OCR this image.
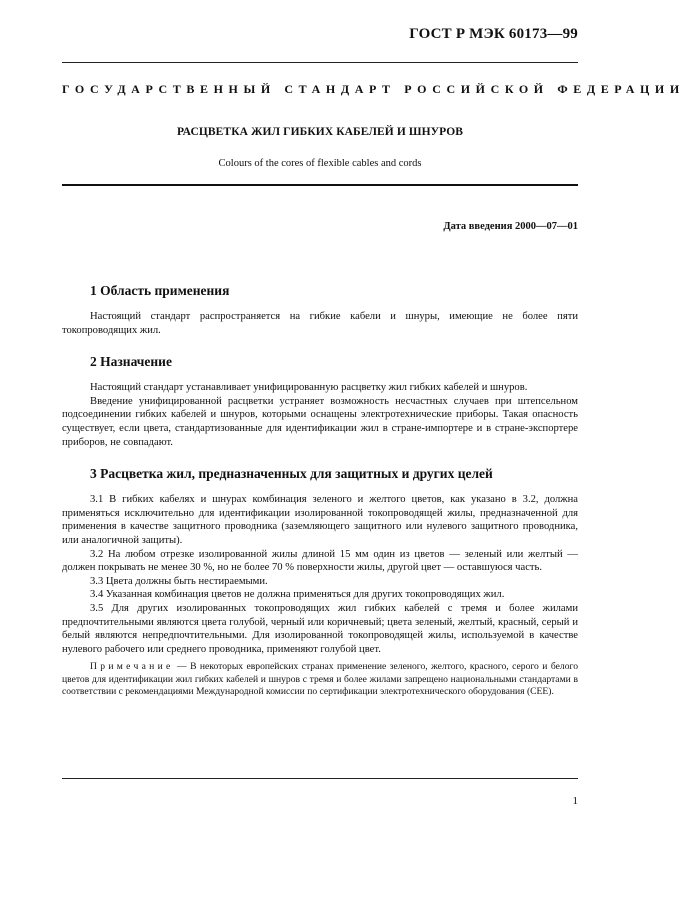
ГОСТ Р МЭК 60173—99
ГОСУДАРСТВЕННЫЙ СТАНДАРТ РОССИЙСКОЙ ФЕДЕРАЦИИ
РАСЦВЕТКА ЖИЛ ГИБКИХ КАБЕЛЕЙ И ШНУРОВ
Colours of the cores of flexible cables and cords
Дата введения 2000—07—01
1 Область применения

Настоящий стандарт распространяется на гибкие кабели и шнуры, имеющие не более пяти токопроводящих жил.

2 Назначение

Настоящий стандарт устанавливает унифицированную расцветку жил гибких кабелей и шнуров.

Введение унифицированной расцветки устраняет возможность несчастных случаев при штепсельном подсоединении гибких кабелей и шнуров, которыми оснащены электротехнические приборы. Такая опасность существует, если цвета, стандартизованные для идентификации жил в стране-импортере и в стране-экспортере приборов, не совпадают.

3 Расцветка жил, предназначенных для защитных и других целей

3.1 В гибких кабелях и шнурах комбинация зеленого и желтого цветов, как указано в 3.2, должна применяться исключительно для идентификации изолированной токопроводящей жилы, предназначенной для применения в качестве защитного проводника (заземляющего защитного или нулевого защитного проводника, или аналогичной защиты).

3.2 На любом отрезке изолированной жилы длиной 15 мм один из цветов — зеленый или желтый — должен покрывать не менее 30 %, но не более 70 % поверхности жилы, другой цвет — оставшуюся часть.

3.3 Цвета должны быть нестираемыми.

3.4 Указанная комбинация цветов не должна применяться для других токопроводящих жил.

3.5 Для других изолированных токопроводящих жил гибких кабелей с тремя и более жилами предпочтительными являются цвета голубой, черный или коричневый; цвета зеленый, желтый, красный, серый и белый являются непредпочтительными. Для изолированной токопроводящей жилы, используемой в качестве нулевого рабочего или среднего проводника, применяют голубой цвет.

Примечание — В некоторых европейских странах применение зеленого, желтого, красного, серого и белого цветов для идентификации жил гибких кабелей и шнуров с тремя и более жилами запрещено национальными стандартами в соответствии с рекомендациями Международной комиссии по сертификации электротехнического оборудования (CEE).

1
